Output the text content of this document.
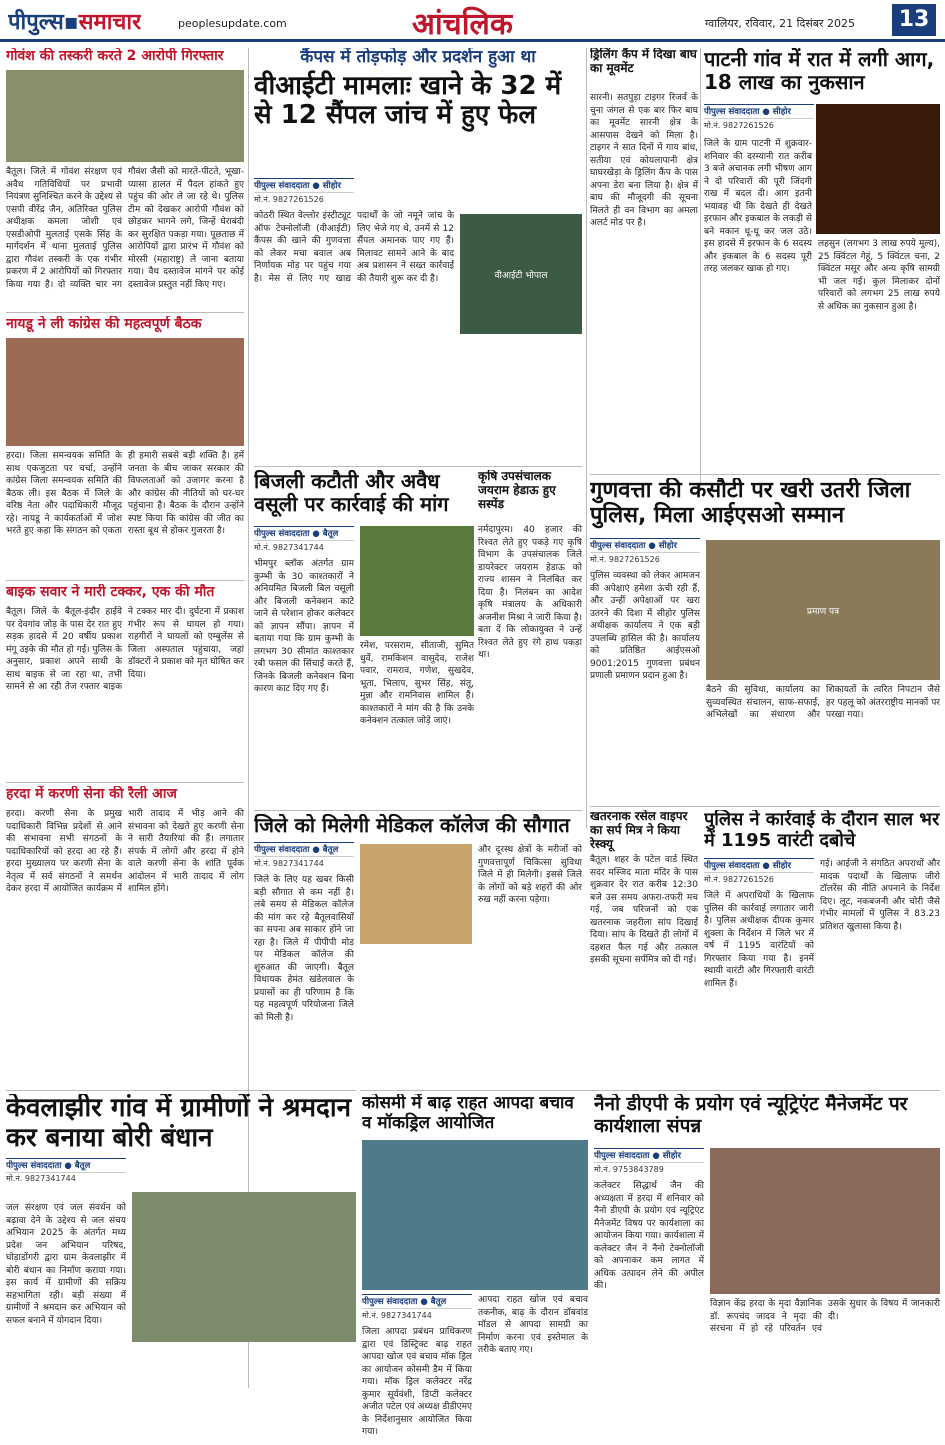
पीपुल्स▪समाचार	peoplesupdate.com	आंचलिक	ग्वालियर, रविवार, 21 दिसंबर 2025	13
गोवंश की तस्करी करते 2 आरोपी गिरफ्तार
बैतूल। जिले में गोवंश संरक्षण एवं अवैध गतिविधियों पर प्रभावी नियंत्रण सुनिश्चित करने के उद्देश्य से एसपी वीरेंद्र जैन, अतिरिक्त पुलिस अधीक्षक कमला जोशी एवं एसडीओपी मुलताई एसके सिंह के मार्गदर्शन में थाना मुलताई पुलिस द्वारा गौवंश तस्करी के एक गंभीर प्रकरण में 2 आरोपियों को गिरफ्तार किया गया है। दो व्यक्ति चार नग गौवंश जैसी को मारते-पीटते, भूखा-प्यासा हालत में पैदल हांकते हुए पहुंच की ओर ले जा रहे थे। पुलिस टीम को देखकर आरोपी गौवंश को छोड़कर भागने लगे, जिन्हें घेराबंदी कर सुरक्षित पकड़ा गया। पूछताछ में आरोपियों द्वारा प्रारंभ में गौवंश को मोरसी (महाराष्ट्र) ले जाना बताया गया। वैध दस्तावेज मांगने पर कोई दस्तावेज प्रस्तुत नहीं किए गए।
नायडू ने ली कांग्रेस की महत्वपूर्ण बैठक
हरदा। जिला समन्वयक समिति के साथ एकजुटता पर चर्चा, उन्होंने कांग्रेस जिला समन्वयक समिति की बैठक ली। इस बैठक में जिले के वरिष्ठ नेता और पदाधिकारी मौजूद रहे। नायडू ने कार्यकर्ताओं में जोश भरते हुए कहा कि संगठन को एकता ही हमारी सबसे बड़ी शक्ति है। हमें जनता के बीच जाकर सरकार की विफलताओं को उजागर करना है और कांग्रेस की नीतियों को घर-घर पहुंचाना है। बैठक के दौरान उन्होंने स्पष्ट किया कि कांग्रेस की जीत का रास्ता बूथ से होकर गुजरता है।
बाइक सवार ने मारी टक्कर, एक की मौत
बैतूल। जिले के बैतूल-इंदौर हाईवे पर देवगांव जोड़ के पास देर रात हुए सड़क हादसे में 20 वर्षीय प्रकाश मंगू उइके की मौत हो गई। पुलिस के अनुसार, प्रकाश अपने साथी के साथ बाइक से जा रहा था, तभी सामने से आ रही तेज रफ्तार बाइक ने टक्कर मार दी। दुर्घटना में प्रकाश गंभीर रूप से घायल हो गया। राहगीरों ने घायलों को एम्बुलेंस से जिला अस्पताल पहुंचाया, जहां डॉक्टरों ने प्रकाश को मृत घोषित कर दिया।
हरदा में करणी सेना की रैली आज
हरदा। करणी सेना के प्रमुख पदाधिकारी विभिन्न प्रदेशों से आने की संभावना सभी संगठनों के पदाधिकारियों को हरदा आ रहे हैं। हरदा मुख्यालय पर करणी सेना के नेतृत्व में सर्व संगठनों ने समर्थन देकर हरदा में आयोजित कार्यक्रम में भारी तादाद में भीड़ आने की संभावना को देखते हुए करणी सेना ने सारी तैयारियां की हैं। लगातार संपर्क में लोगों और हरदा में होने वाले करणी सेना के शांति पूर्वक आंदोलन में भारी तादाद में लोग शामिल होंगे।
केवलाझीर गांव में ग्रामीणों ने श्रमदान कर बनाया बोरी बंधान
पीपुल्स संवाददाता ● बैतूल
मो.नं. 9827341744
जल संरक्षण एवं जल संवर्धन को बढ़ावा देने के उद्देश्य से जल संचय अभियान 2025 के अंतर्गत मध्य प्रदेश जन अभियान परिषद, घोड़ाडोंगरी द्वारा ग्राम केवलाझीर में बोरी बंधान का निर्माण कराया गया। इस कार्य में ग्रामीणों की सक्रिय सहभागिता रही। बड़ी संख्या में ग्रामीणों ने श्रमदान कर अभियान को सफल बनाने में योगदान दिया।
कैंपस में तोड़फोड़ और प्रदर्शन हुआ था
वीआईटी मामलाः खाने के 32 में से 12 सैंपल जांच में हुए फेल
पीपुल्स संवाददाता ● सीहोर
मो.नं. 9827261526
कोठरी स्थित वेल्लोर इंस्टीट्यूट ऑफ टेक्नोलॉजी (वीआईटी) कैंपस की खाने की गुणवत्ता को लेकर मचा बवाल अब निर्णायक मोड़ पर पहुंच गया है। मेस से लिए गए खाद्य पदार्थों के जो नमूने जांच के लिए भेजे गए थे, उनमें से 12 सैंपल अमानक पाए गए हैं। मिलावट सामने आने के बाद अब प्रशासन ने सख्त कार्रवाई की तैयारी शुरू कर दी है।	वीआईटी भोपाल
ड्रिलिंग कैंप में दिखा बाघ का मूवमेंट
सारनी। सतपुड़ा टाइगर रिजर्व के चुना जंगल से एक बार फिर बाघ का मूवमेंट सारनी क्षेत्र के आसपास देखने को मिला है। टाइगर ने सात दिनों में गाय बांध, सतीया एवं कोयलापानी क्षेत्र घाघरखेड़ा के ड्रिलिंग कैंप के पास अपना डेरा बना लिया है। क्षेत्र में बाघ की मौजूदगी की सूचना मिलते ही वन विभाग का अमला अलर्ट मोड पर है।
पाटनी गांव में रात में लगी आग, 18 लाख का नुकसान
पीपुल्स संवाददाता ● सीहोर
मो.नं. 9827261526
जिले के ग्राम पाटनी में शुक्रवार-शनिवार की दरम्यानी रात करीब 3 बजे अचानक लगी भीषण आग ने दो परिवारों की पूरी जिंदगी राख में बदल दी। आग इतनी भयावह थी कि देखते ही देखते इरफान और इकबाल के लकड़ी से बने मकान धू-धू कर जल उठे। इस हादसे में इरफान के 6 सदस्य और इकबाल के 6 सदस्य पूरी तरह जलकर खाक हो गए।
लहसुन (लगभग 3 लाख रुपये मूल्य), 25 क्विंटल गेहूं, 5 क्विंटल चना, 2 क्विंटल मसूर और अन्य कृषि सामग्री भी जल गई। कुल मिलाकर दोनों परिवारों को लगभग 25 लाख रुपये से अधिक का नुकसान हुआ है।
बिजली कटौती और अवैध वसूली पर कार्रवाई की मांग
पीपुल्स संवाददाता ● बैतूल
मो.नं. 9827341744
भीमपुर ब्लॉक अंतर्गत ग्राम कुम्भी के 30 काश्तकारों ने अनियमित बिजली बिल वसूली और बिजली कनेक्शन काटे जाने से परेशान होकर कलेक्टर को ज्ञापन सौंपा। ज्ञापन में बताया गया कि ग्राम कुम्भी के लगभग 30 सीमांत काश्तकार रबी फसल की सिंचाई करते हैं, जिनके बिजली कनेक्शन बिना कारण काट दिए गए हैं।
रमेश, परसराम, सीताजी, सुमित धुर्वे, रामकिशन वासुदेव, राजेश पवार, रामराव, गणेश, सुखदेव, भूता, भिलाप, सुभर सिंह, संतू, मुन्ना और रामनिवास शामिल हैं। काश्तकारों ने मांग की है कि उनके कनेक्शन तत्काल जोड़े जाएं।
कृषि उपसंचालक जयराम हेडाऊ हुए सस्पेंड
नर्मदापुरम। 40 हजार की रिश्वत लेते हुए पकड़े गए कृषि विभाग के उपसंचालक जिले डायरेक्टर जयराम हेडाऊ को राज्य शासन ने निलंबित कर दिया है। निलंबन का आदेश कृषि मंत्रालय के अधिकारी अजनीश मिश्रा ने जारी किया है। बता दें कि लोकायुक्त ने उन्हें रिश्वत लेते हुए रंगे हाथ पकड़ा था।
गुणवत्ता की कसौटी पर खरी उतरी जिला पुलिस, मिला आईएसओ सम्मान
पीपुल्स संवाददाता ● सीहोर
मो.नं. 9827261526
पुलिस व्यवस्था को लेकर आमजन की अपेक्षाएं हमेशा ऊंची रही हैं, और उन्हीं अपेक्षाओं पर खरा उतरने की दिशा में सीहोर पुलिस अधीक्षक कार्यालय ने एक बड़ी उपलब्धि हासिल की है। कार्यालय को प्रतिष्ठित आईएसओ 9001:2015 गुणवत्ता प्रबंधन प्रणाली प्रमाणन प्रदान हुआ है।
प्रमाण पत्र
बैठने की सुविधा, कार्यालय का सुव्यवस्थित संचालन, साफ-सफाई, अभिलेखों का संधारण और शिकायतों के त्वरित निपटान जैसे हर पहलू को अंतरराष्ट्रीय मानकों पर परखा गया।
जिले को मिलेगी मेडिकल कॉलेज की सौगात
पीपुल्स संवाददाता ● बैतूल
मो.नं. 9827341744
जिले के लिए यह खबर किसी बड़ी सौगात से कम नहीं है। लंबे समय से मेडिकल कॉलेज की मांग कर रहे बैतूलवासियों का सपना अब साकार होने जा रहा है। जिले में पीपीपी मोड पर मेडिकल कॉलेज की शुरुआत की जाएगी। बैतूल विधायक हेमंत खंडेलवाल के प्रयासों का ही परिणाम है कि यह महत्वपूर्ण परियोजना जिले को मिली है।
और दूरस्थ क्षेत्रों के मरीजों को गुणवत्तापूर्ण चिकित्सा सुविधा जिले में ही मिलेगी। इससे जिले के लोगों को बड़े शहरों की ओर रुख नहीं करना पड़ेगा।
खतरनाक रसेल वाइपर का सर्प मित्र ने किया रेस्क्यू
बैतूल। शहर के पटेल वार्ड स्थित सदर मस्जिद माता मंदिर के पास शुक्रवार देर रात करीब 12:30 बजे उस समय अफरा-तफरी मच गई, जब परिजनों को एक खतरनाक जहरीला सांप दिखाई दिया। सांप के दिखते ही लोगों में दहशत फैल गई और तत्काल इसकी सूचना सर्पमित्र को दी गई।
पुलिस ने कार्रवाई के दौरान साल भर में 1195 वारंटी दबोचे
पीपुल्स संवाददाता ● सीहोर
मो.नं. 9827261526
जिले में अपराधियों के खिलाफ पुलिस की कार्रवाई लगातार जारी है। पुलिस अधीक्षक दीपक कुमार शुक्ला के निर्देशन में जिले भर में वर्ष में 1195 वारंटियों को गिरफ्तार किया गया है। इनमें स्थायी वारंटी और गिरफ्तारी वारंटी शामिल हैं।
गई। आईजी ने संगठित अपराधों और मादक पदार्थों के खिलाफ जीरो टॉलरेंस की नीति अपनाने के निर्देश दिए। लूट, नकबजनी और चोरी जैसे गंभीर मामलों में पुलिस ने 83.23 प्रतिशत खुलासा किया है।
कोसमी में बाढ़ राहत आपदा बचाव व मॉकड्रिल आयोजित
पीपुल्स संवाददाता ● बैतूल
मो.नं. 9827341744
जिला आपदा प्रबंधन प्राधिकरण द्वारा एवं डिस्ट्रिक्ट बाढ़ राहत आपदा खोज एवं बचाव मॉक ड्रिल का आयोजन कोसमी डैम में किया गया। मॉक ड्रिल कलेक्टर नरेंद्र कुमार सूर्यवंशी, डिप्टी कलेक्टर अजीत पटेल एवं अध्यक्ष डीडीएमए के निर्देशानुसार आयोजित किया गया।
आपदा राहत खोज एवं बचाव तकनीक, बाढ़ के दौरान डॉबवांड मॉडल से आपदा सामग्री का निर्माण करना एवं इस्तेमाल के तरीके बताए गए।
नैनो डीएपी के प्रयोग एवं न्यूट्रिएंट मैनेजमेंट पर कार्यशाला संपन्न
पीपुल्स संवाददाता ● सीहोर
मो.नं. 9753843789
कलेक्टर सिद्धार्थ जैन की अध्यक्षता में हरदा में शनिवार को नैनो डीएपी के प्रयोग एवं न्यूट्रिएंट मैनेजमेंट विषय पर कार्यशाला का आयोजन किया गया। कार्यशाला में कलेक्टर जैन ने नैनो टेक्नोलॉजी को अपनाकर कम लागत में अधिक उत्पादन लेने की अपील की।
विज्ञान केंद्र हरदा के मृदा वैज्ञानिक डॉ. रूपचंद जादव ने मृदा की संरचना में हो रहे परिवर्तन एवं उसके सुधार के विषय में जानकारी दी।
